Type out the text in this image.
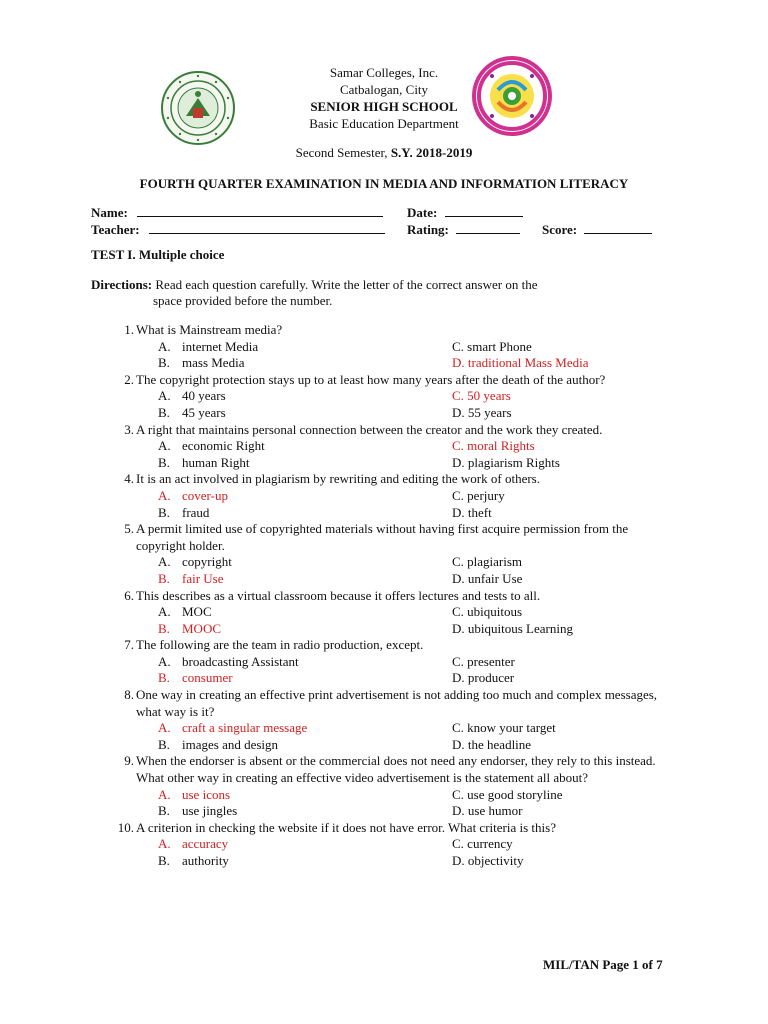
Samar Colleges, Inc.
Catbalogan, City
SENIOR HIGH SCHOOL
Basic Education Department
Second Semester, S.Y. 2018-2019
FOURTH QUARTER EXAMINATION IN MEDIA AND INFORMATION LITERACY
Name:	Date:
Teacher:	Rating:	Score:
TEST I. Multiple choice
Directions: Read each question carefully. Write the letter of the correct answer on the
space provided before the number.
1. What is Mainstream media?
A. internet Media
B. mass Media
C. smart Phone
D. traditional Mass Media
2. The copyright protection stays up to at least how many years after the death of the author?
A. 40 years
B. 45 years
C. 50 years
D. 55 years
3. A right that maintains personal connection between the creator and the work they created.
A. economic Right
B. human Right
C. moral Rights
D. plagiarism Rights
4. It is an act involved in plagiarism by rewriting and editing the work of others.
A. cover-up
B. fraud
C. perjury
D. theft
5. A permit limited use of copyrighted materials without having first acquire permission from the copyright holder.
A. copyright
B. fair Use
C. plagiarism
D. unfair Use
6. This describes as a virtual classroom because it offers lectures and tests to all.
A. MOC
B. MOOC
C. ubiquitous
D. ubiquitous Learning
7. The following are the team in radio production, except.
A. broadcasting Assistant
B. consumer
C. presenter
D. producer
8. One way in creating an effective print advertisement is not adding too much and complex messages, what way is it?
A. craft a singular message
B. images and design
C. know your target
D. the headline
9. When the endorser is absent or the commercial does not need any endorser, they rely to this instead. What other way in creating an effective video advertisement is the statement all about?
A. use icons
B. use jingles
C. use good storyline
D. use humor
10. A criterion in checking the website if it does not have error. What criteria is this?
A. accuracy
B. authority
C. currency
D. objectivity
MIL/TAN Page 1 of 7
